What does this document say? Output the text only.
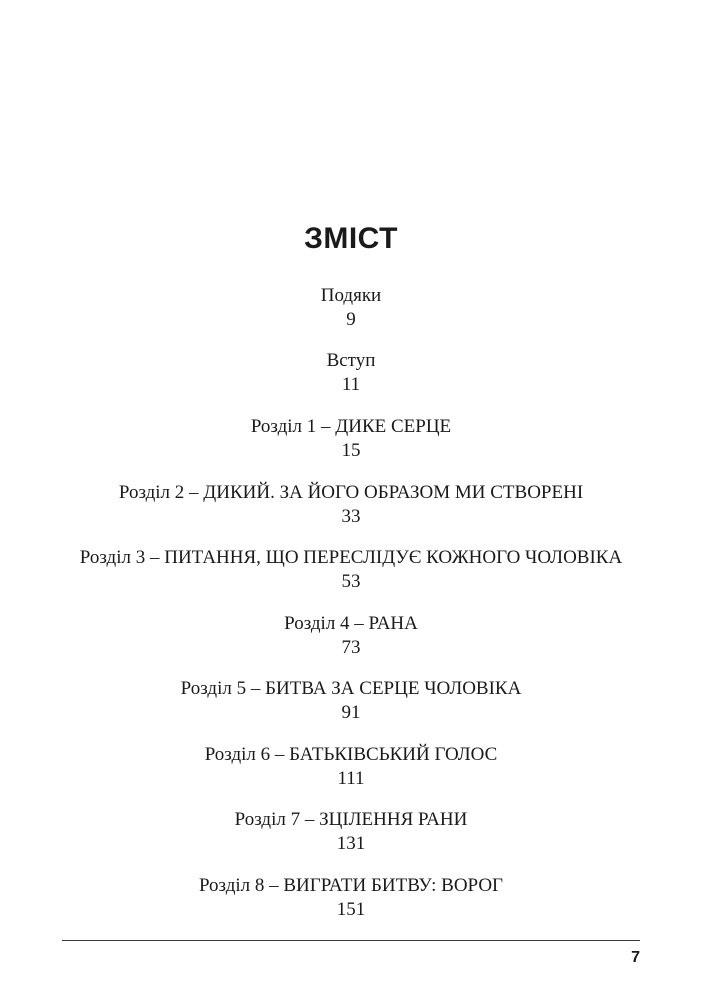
ЗМІСТ
Подяки
9
Вступ
11
Розділ 1 – ДИКЕ СЕРЦЕ
15
Розділ 2 – ДИКИЙ. ЗА ЙОГО ОБРАЗОМ МИ СТВОРЕНІ
33
Розділ 3 – ПИТАННЯ, ЩО ПЕРЕСЛІДУЄ КОЖНОГО ЧОЛОВІКА
53
Розділ 4 – РАНА
73
Розділ 5 – БИТВА ЗА СЕРЦЕ ЧОЛОВІКА
91
Розділ 6 – БАТЬКІВСЬКИЙ ГОЛОС
111
Розділ 7 – ЗЦІЛЕННЯ РАНИ
131
Розділ 8 – ВИГРАТИ БИТВУ: ВОРОГ
151
7
